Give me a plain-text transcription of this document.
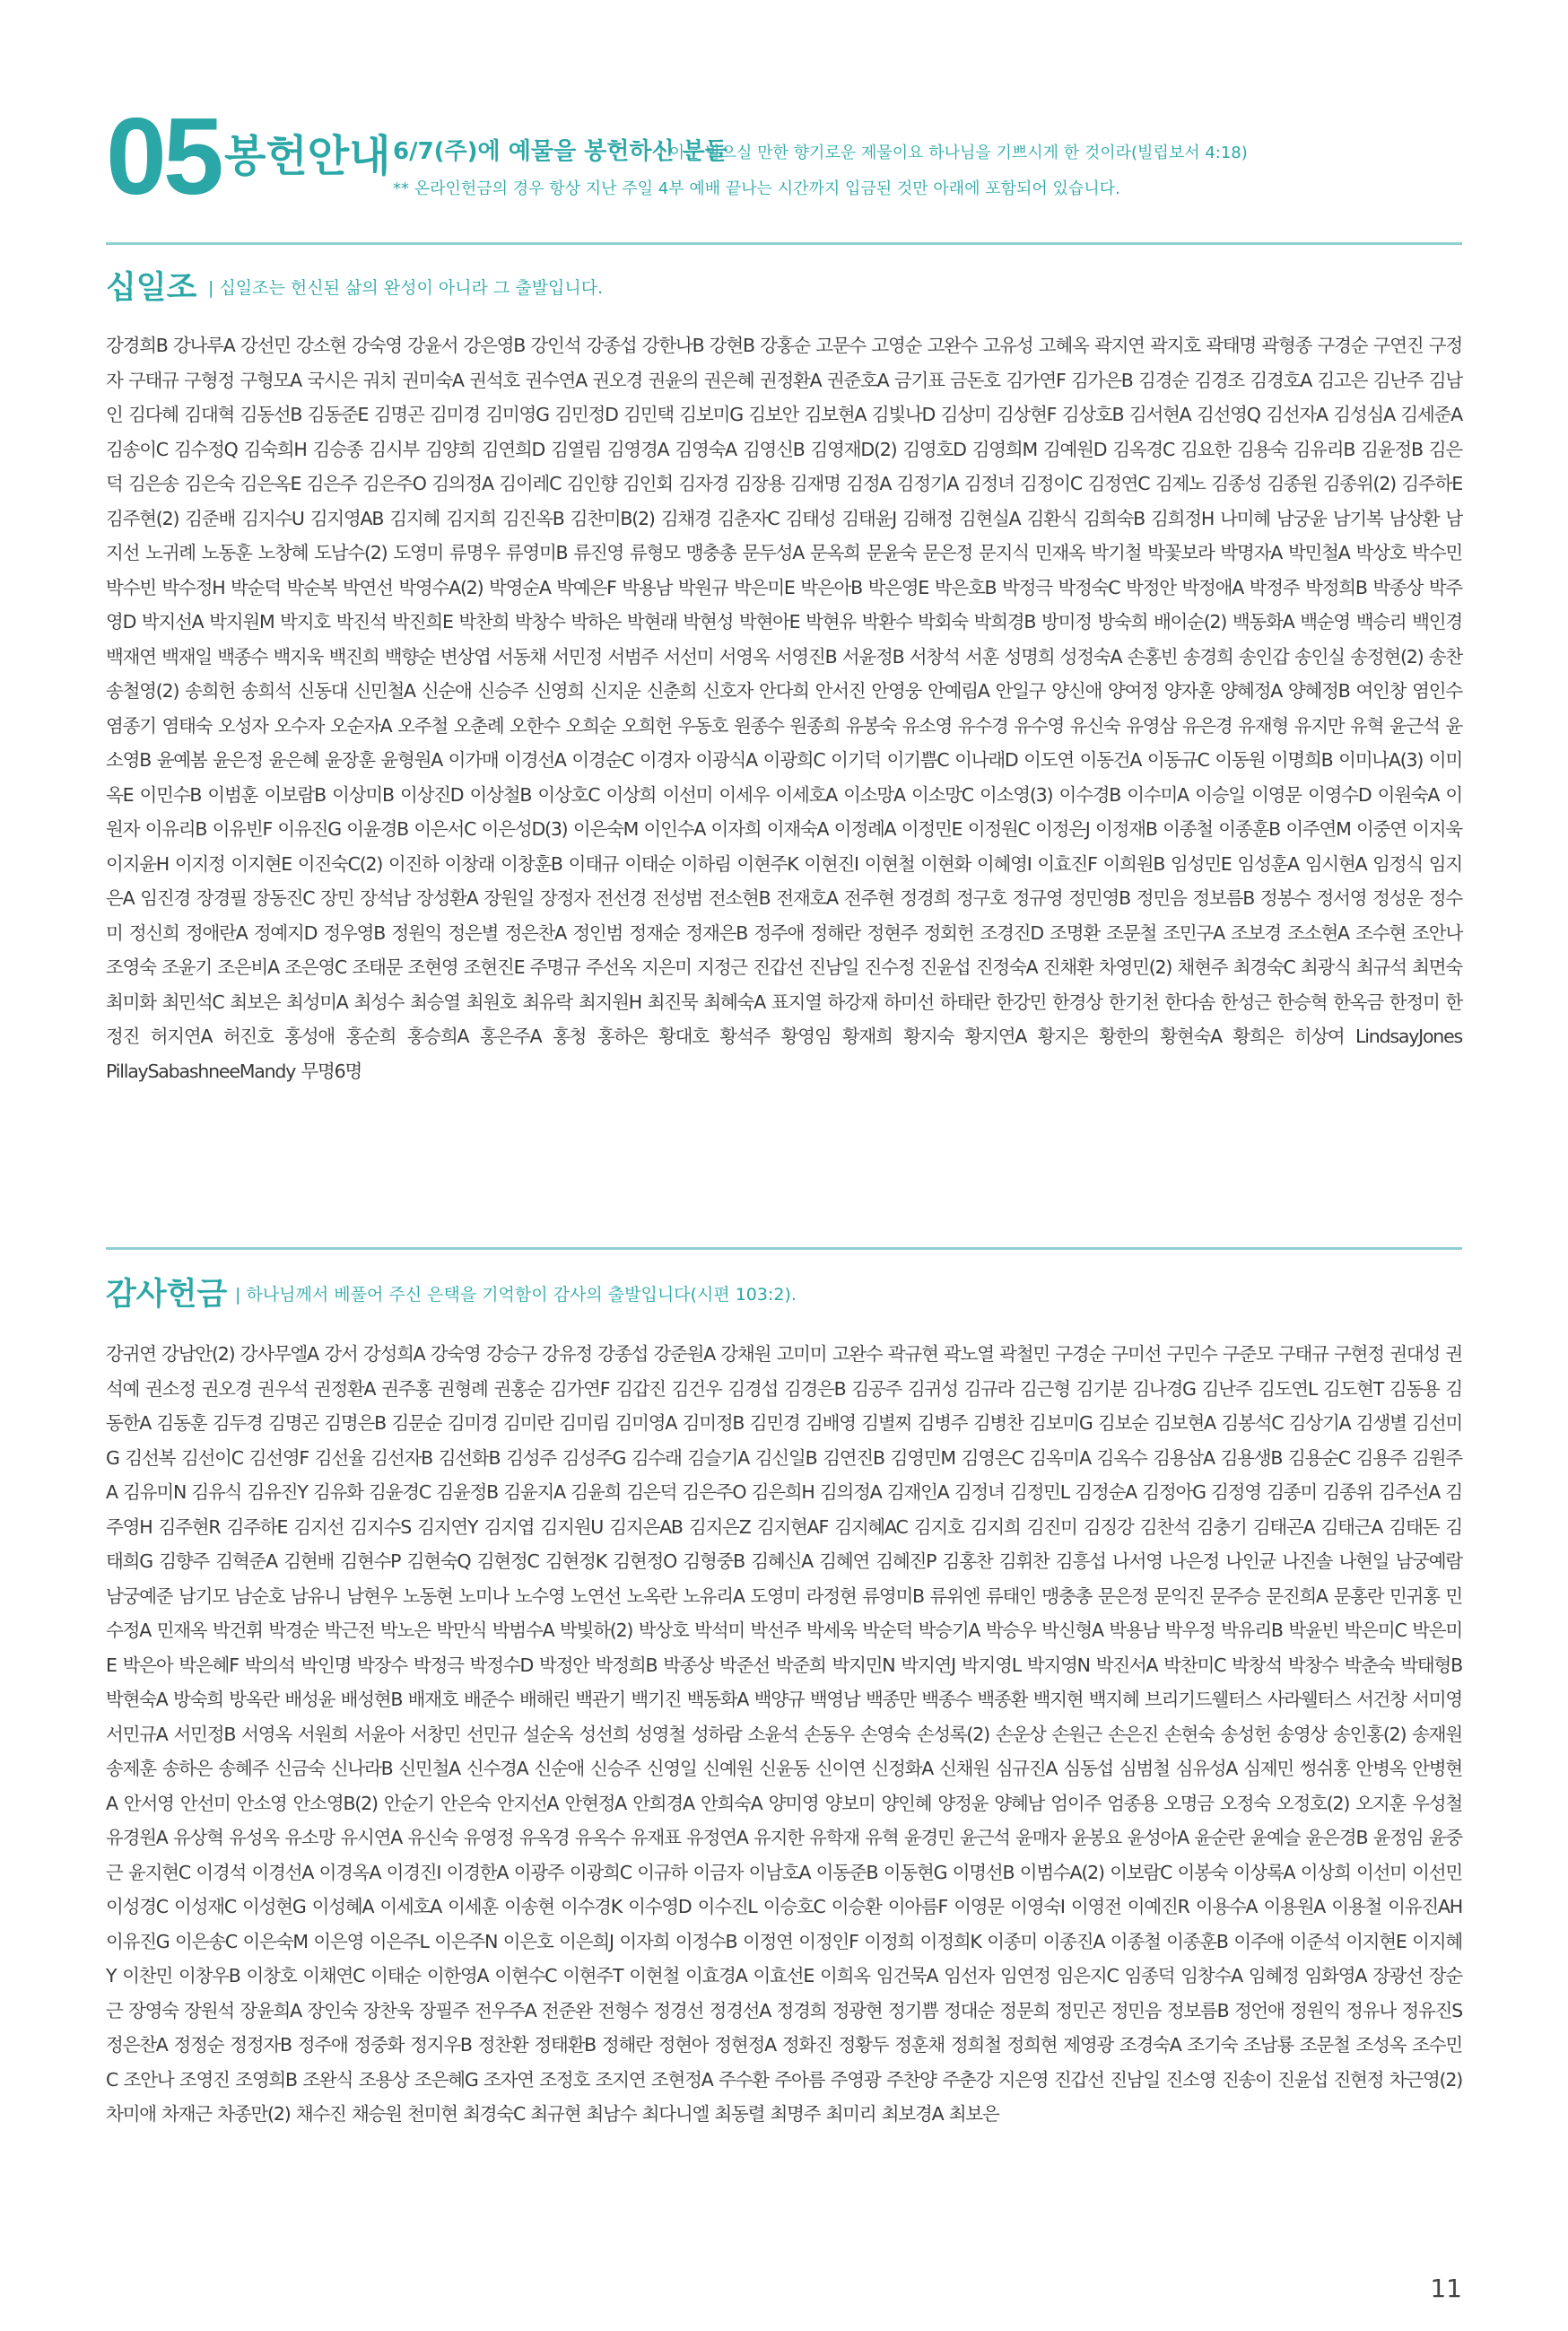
05 봉헌안내 6/7(주)에 예물을 봉헌하신 분들
| 이는 받으실 만한 향기로운 제물이요 하나님을 기쁘시게 한 것이라(빌립보서 4:18)
** 온라인헌금의 경우 항상 지난 주일 4부 예배 끝나는 시간까지 입금된 것만 아래에 포함되어 있습니다.
십일조 | 십일조는 헌신된 삶의 완성이 아니라 그 출발입니다.
강경희B 강나루A 강선민 강소현 강숙영 강윤서 강은영B 강인석 강종섭 강한나B 강현B 강홍순 고문수 고영순 고완수 고유성 고혜옥 곽지연 곽지호 곽태명 곽형종 구경순 구연진 구정자 구태규 구형정 구형모A 국시은 궈치 권미숙A 권석호 권수연A 권오경 권윤의 권은혜 권정환A 권준호A 금기표 금돈호 김가연F 김가은B 김경순 김경조 김경호A 김고은 김난주 김남인 김다혜 김대혁 김동선B 김동준E 김명곤 김미경 김미영G 김민정D 김민택 김보미G 김보안 김보현A 김빛나D 김상미 김상현F 김상호B 김서현A 김선영Q 김선자A 김성심A 김세준A 김송이C 김수정Q 김숙희H 김승종 김시부 김양희 김연희D 김열림 김영경A 김영숙A 김영신B 김영재D(2) 김영호D 김영희M 김예원D 김옥경C 김요한 김용숙 김유리B 김윤정B 김은덕 김은송 김은숙 김은옥E 김은주 김은주O 김의정A 김이레C 김인향 김인회 김자경 김장용 김재명 김정A 김정기A 김정녀 김정이C 김정연C 김제노 김종성 김종원 김종위(2) 김주하E 김주현(2) 김준배 김지수U 김지영AB 김지혜 김지희 김진옥B 김찬미B(2) 김채경 김춘자C 김태성 김태윤J 김해정 김현실A 김환식 김희숙B 김희정H 나미혜 남궁윤 남기복 남상환 남지선 노귀례 노동훈 노창혜 도남수(2) 도영미 류명우 류영미B 류진영 류형모 맹충총 문두성A 문옥희 문윤숙 문은정 문지식 민재옥 박기철 박꽃보라 박명자A 박민철A 박상호 박수민 박수빈 박수정H 박순덕 박순복 박연선 박영수A(2) 박영순A 박예은F 박용남 박원규 박은미E 박은아B 박은영E 박은호B 박정극 박정숙C 박정안 박정애A 박정주 박정희B 박종상 박주영D 박지선A 박지원M 박지호 박진석 박진희E 박찬희 박창수 박하은 박현래 박현성 박현아E 박현유 박환수 박회숙 박희경B 방미정 방숙희 배이순(2) 백동화A 백순영 백승리 백인경 백재연 백재일 백종수 백지욱 백진희 백향순 변상엽 서동채 서민정 서범주 서선미 서영옥 서영진B 서윤정B 서창석 서훈 성명희 성정숙A 손홍빈 송경희 송인갑 송인실 송정현(2) 송찬 송철영(2) 송희헌 송희석 신동대 신민철A 신순애 신승주 신영희 신지운 신춘희 신호자 안다희 안서진 안영웅 안예림A 안일구 양신애 양여정 양자훈 양혜정A 양혜정B 여인창 염인수 염종기 염태숙 오성자 오수자 오순자A 오주철 오춘례 오한수 오희순 오희헌 우동호 원종수 원종희 유봉숙 유소영 유수경 유수영 유신숙 유영삼 유은경 유재형 유지만 유혁 윤근석 윤소영B 윤예봄 윤은정 윤은혜 윤장훈 윤형원A 이가매 이경선A 이경순C 이경자 이광식A 이광희C 이기덕 이기쁨C 이나래D 이도연 이동건A 이동규C 이동원 이명희B 이미나A(3) 이미옥E 이민수B 이범훈 이보람B 이상미B 이상진D 이상철B 이상호C 이상희 이선미 이세우 이세호A 이소망A 이소망C 이소영(3) 이수경B 이수미A 이승일 이영문 이영수D 이원숙A 이원자 이유리B 이유빈F 이유진G 이윤경B 이은서C 이은성D(3) 이은숙M 이인수A 이자희 이재숙A 이정례A 이정민E 이정원C 이정은J 이정재B 이종철 이종훈B 이주연M 이중연 이지욱 이지윤H 이지정 이지현E 이진숙C(2) 이진하 이창래 이창훈B 이태규 이태순 이하림 이현주K 이현진I 이현철 이현화 이혜영I 이효진F 이희원B 임성민E 임성훈A 임시현A 임정식 임지은A 임진경 장경필 장동진C 장민 장석남 장성환A 장원일 장정자 전선경 전성범 전소현B 전재호A 전주현 정경희 정구호 정규영 정민영B 정민음 정보름B 정봉수 정서영 정성운 정수미 정신희 정애란A 정예지D 정우영B 정원익 정은별 정은찬A 정인범 정재순 정재은B 정주애 정해란 정현주 정회헌 조경진D 조명환 조문철 조민구A 조보경 조소현A 조수현 조안나 조영숙 조윤기 조은비A 조은영C 조태문 조현영 조현진E 주명규 주선옥 지은미 지정근 진갑선 진남일 진수정 진윤섭 진정숙A 진채환 차영민(2) 채현주 최경숙C 최광식 최규석 최면숙 최미화 최민석C 최보은 최성미A 최성수 최승열 최원호 최유락 최지원H 최진묵 최혜숙A 표지열 하강재 하미선 하태란 한강민 한경상 한기천 한다솜 한성근 한승혁 한옥금 한정미 한정진 허지연A 허진호 홍성애 홍순희 홍승희A 홍은주A 홍청 홍하은 황대호 황석주 황영임 황재희 황지숙 황지연A 황지은 황한의 황현숙A 황희은 히상여 LindsayJones PillaySabashneeMandy 무명6명
감사헌금 | 하나님께서 베풀어 주신 은택을 기억함이 감사의 출발입니다(시편 103:2).
강귀연 강남안(2) 강사무엘A 강서 강성희A 강숙영 강승구 강유정 강종섭 강준원A 강채원 고미미 고완수 곽규현 곽노열 곽철민 구경순 구미선 구민수 구준모 구태규 구현정 권대성 권석예 권소정 권오경 권우석 권정환A 권주홍 권형례 권홍순 김가연F 김갑진 김건우 김경섭 김경은B 김공주 김귀성 김규라 김근형 김기분 김나경G 김난주 김도연L 김도현T 김동용 김동한A 김동훈 김두경 김명곤 김명은B 김문순 김미경 김미란 김미림 김미영A 김미정B 김민경 김배영 김별찌 김병주 김병찬 김보미G 김보순 김보현A 김봉석C 김상기A 김생별 김선미G 김선복 김선이C 김선영F 김선율 김선자B 김선화B 김성주 김성주G 김수래 김슬기A 김신일B 김연진B 김영민M 김영은C 김옥미A 김옥수 김용삼A 김용생B 김용순C 김용주 김원주A 김유미N 김유식 김유진Y 김유화 김윤경C 김윤정B 김윤지A 김윤희 김은덕 김은주O 김은희H 김의정A 김재인A 김정녀 김정민L 김정순A 김정아G 김정영 김종미 김종위 김주선A 김주영H 김주현R 김주하E 김지선 김지수S 김지연Y 김지엽 김지원U 김지은AB 김지은Z 김지현AF 김지혜AC 김지호 김지희 김진미 김징강 김찬석 김충기 김태곤A 김태근A 김태돈 김태희G 김향주 김혁준A 김현배 김현수P 김현숙Q 김현정C 김현정K 김현정O 김형중B 김혜신A 김혜연 김혜진P 김홍찬 김휘찬 김흥섭 나서영 나은정 나인균 나진솔 나현일 남궁예람 남궁예준 남기모 남순호 남유니 남현우 노동현 노미나 노수영 노연선 노옥란 노유리A 도영미 라정현 류영미B 류위엔 류태인 맹충총 문은정 문익진 문주승 문진희A 문홍란 민귀홍 민수정A 민재옥 박건휘 박경순 박근전 박노은 박만식 박범수A 박빛하(2) 박상호 박석미 박선주 박세욱 박순덕 박승기A 박승우 박신형A 박용남 박우정 박유리B 박윤빈 박은미C 박은미E 박은아 박은혜F 박의석 박인명 박장수 박정극 박정수D 박정안 박정희B 박종상 박준선 박준희 박지민N 박지연J 박지영L 박지영N 박진서A 박찬미C 박창석 박창수 박춘숙 박태형B 박현숙A 방숙희 방옥란 배성윤 배성현B 배재호 배준수 배해린 백관기 백기진 백동화A 백양규 백영남 백종만 백종수 백종환 백지현 백지혜 브리기드웰터스 사라웰터스 서건창 서미영 서민규A 서민정B 서영옥 서원희 서윤아 서창민 선민규 설순옥 성선희 성영철 성하람 소윤석 손동우 손영숙 손성록(2) 손운상 손원근 손은진 손현숙 송성헌 송영상 송인홍(2) 송재원 송제훈 송하은 송혜주 신금숙 신나라B 신민철A 신수경A 신순애 신승주 신영일 신예원 신윤동 신이연 신정화A 신채원 심규진A 심동섭 심범철 심유성A 심제민 썽쉬홍 안병옥 안병현A 안서영 안선미 안소영 안소영B(2) 안순기 안은숙 안지선A 안현정A 안희경A 안희숙A 양미영 양보미 양인혜 양정윤 양혜남 엄이주 엄종용 오명금 오정숙 오정호(2) 오지훈 우성철 유경원A 유상혁 유성옥 유소망 유시연A 유신숙 유영정 유옥경 유옥수 유재표 유정연A 유지한 유학재 유혁 윤경민 윤근석 윤매자 윤봉요 윤성아A 윤순란 윤예슬 윤은경B 윤정임 윤중근 윤지현C 이경석 이경선A 이경옥A 이경진I 이경한A 이광주 이광희C 이규하 이금자 이남호A 이동준B 이동현G 이명선B 이범수A(2) 이보람C 이봉숙 이상록A 이상희 이선미 이선민 이성경C 이성재C 이성현G 이성혜A 이세호A 이세훈 이송현 이수경K 이수영D 이수진L 이승호C 이승환 이아름F 이영문 이영숙I 이영전 이예진R 이용수A 이용원A 이용철 이유진AH 이유진G 이은송C 이은숙M 이은영 이은주L 이은주N 이은호 이은희J 이자희 이정수B 이정연 이정인F 이정희 이정희K 이종미 이종진A 이종철 이종훈B 이주애 이준석 이지현E 이지혜Y 이찬민 이창우B 이창호 이채연C 이태순 이한영A 이현수C 이현주T 이현철 이효경A 이효선E 이희옥 임건묵A 임선자 임연정 임은지C 임종덕 임창수A 임혜정 임화영A 장광선 장순근 장영숙 장원석 장윤희A 장인숙 장찬욱 장필주 전우주A 전준완 전형수 정경선 정경선A 정경희 정광현 정기쁨 정대순 정문희 정민곤 정민음 정보름B 정언애 정원익 정유나 정유진S 정은찬A 정정순 정정자B 정주애 정중화 정지우B 정찬환 정태환B 정해란 정현아 정현정A 정화진 정황두 정훈채 정희철 정희현 제영광 조경숙A 조기숙 조남룡 조문철 조성옥 조수민C 조안나 조영진 조영희B 조완식 조용상 조은혜G 조자연 조정호 조지연 조현정A 주수환 주아름 주영광 주찬양 주춘강 지은영 진갑선 진남일 진소영 진송이 진윤섭 진현정 차근영(2) 차미애 차재근 차종만(2) 채수진 채승원 천미현 최경숙C 최규현 최남수 최다니엘 최동렬 최명주 최미리 최보경A 최보은
11
